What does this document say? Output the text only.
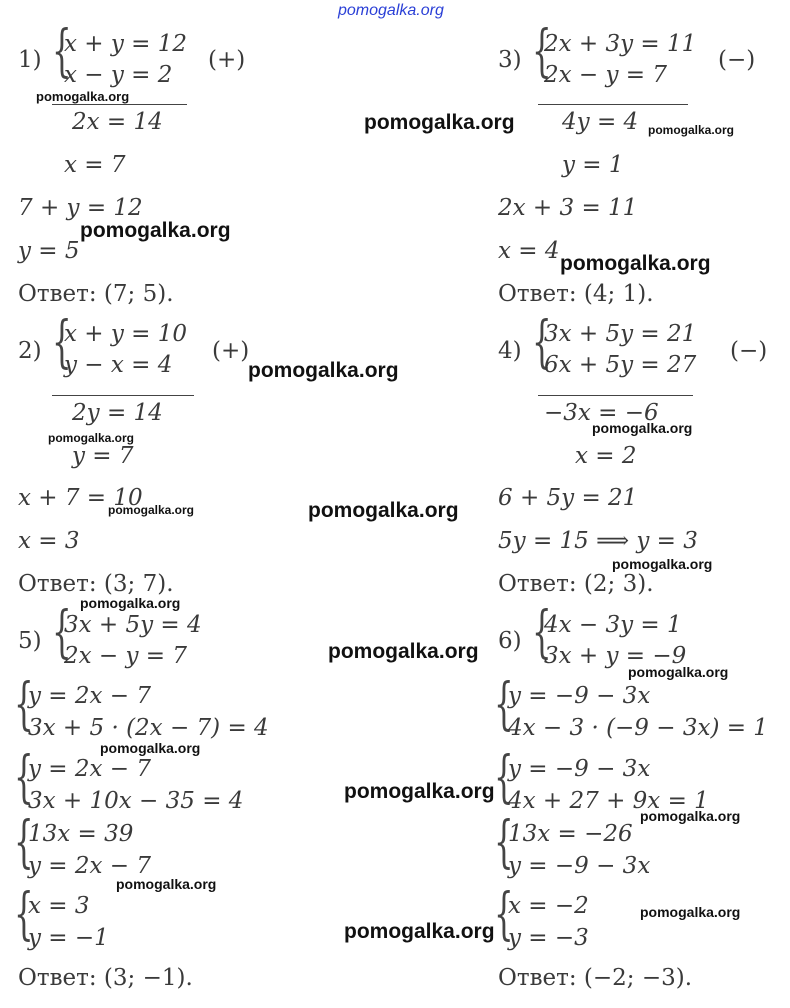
pomogalka.org
1) {
x + y = 12
x − y = 2
(+)
2x = 14
x = 7
7 + y = 12
y = 5
Ответ: (7; 5).
2) {
x + y = 10
y − x = 4
(+)
2y = 14
y = 7
x + 7 = 10
x = 3
Ответ: (3; 7).
3) {
2x + 3y = 11
2x − y = 7
(−)
4y = 4
y = 1
2x + 3 = 11
x = 4
Ответ: (4; 1).
4) {
3x + 5y = 21
6x + 5y = 27
(−)
−3x = −6
x = 2
6 + 5y = 21
5y = 15 ⟹ y = 3
Ответ: (2; 3).
5) {
3x + 5y = 4
2x − y = 7
{
y = 2x − 7
3x + 5 · (2x − 7) = 4
{
y = 2x − 7
3x + 10x − 35 = 4
{
13x = 39
y = 2x − 7
{
x = 3
y = −1
Ответ: (3; −1).
6) {
4x − 3y = 1
3x + y = −9
{
y = −9 − 3x
4x − 3 · (−9 − 3x) = 1
{
y = −9 − 3x
4x + 27 + 9x = 1
{
13x = −26
y = −9 − 3x
{
x = −2
y = −3
Ответ: (−2; −3).
pomogalka.org
pomogalka.org	pomogalka.org
pomogalka.org
pomogalka.org
pomogalka.org
pomogalka.org
pomogalka.org
pomogalka.org	pomogalka.org
pomogalka.org
pomogalka.org
pomogalka.org
pomogalka.org
pomogalka.org
pomogalka.org
pomogalka.org
pomogalka.org
pomogalka.org
pomogalka.org
